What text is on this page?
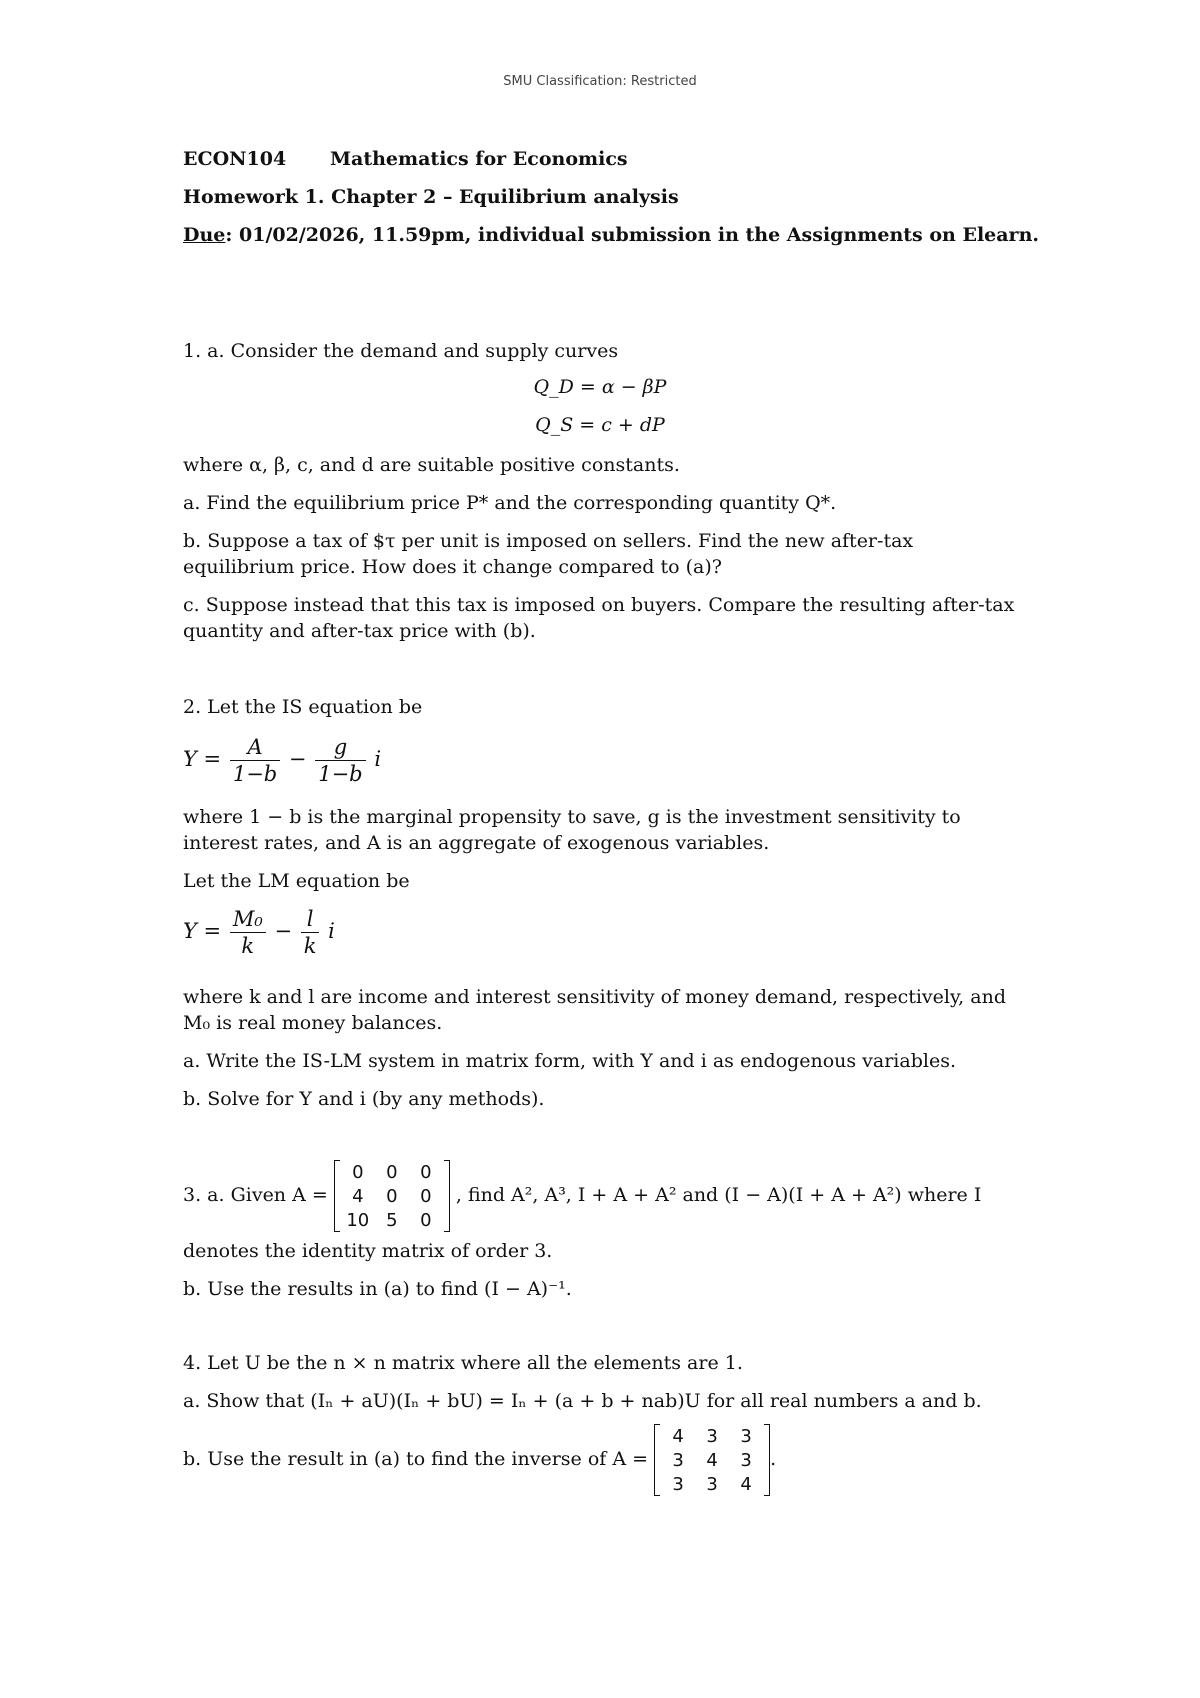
SMU Classification: Restricted
ECON104 Mathematics for Economics
Homework 1. Chapter 2 – Equilibrium analysis
Due: 01/02/2026, 11.59pm, individual submission in the Assignments on Elearn.
1. a. Consider the demand and supply curves
Q_D = α − βP
Q_S = c + dP
where α, β, c, and d are suitable positive constants.
a. Find the equilibrium price P* and the corresponding quantity Q*.
b. Suppose a tax of $τ per unit is imposed on sellers. Find the new after-tax equilibrium price. How does it change compared to (a)?
c. Suppose instead that this tax is imposed on buyers. Compare the resulting after-tax quantity and after-tax price with (b).
2. Let the IS equation be
$Y = \frac{A}{1-b} - \frac{g}{1-b}$ i
where 1 − b is the marginal propensity to save, g is the investment sensitivity to interest rates, and A is an aggregate of exogenous variables.
Let the LM equation be
$Y = \frac{\text{M₀}}{k} - \frac{l}{k}$ i
where k and l are income and interest sensitivity of money demand, respectively, and M₀ is real money balances.
a. Write the IS-LM system in matrix form, with Y and i as endogenous variables.
b. Solve for Y and i (by any methods).
3. a. Given A =
0	0	0
4	0	0
10	5	0
, find A², A³, I + A + A² and (I − A)(I + A + A²) where I
denotes the identity matrix of order 3.
b. Use the results in (a) to find (I − A)⁻¹.
4. Let U be the n × n matrix where all the elements are 1.
a. Show that (Iₙ + aU)(Iₙ + bU) = Iₙ + (a + b + nab)U for all real numbers a and b.
b. Use the result in (a) to find the inverse of A =
4	3	3
3	4	3
3	3	4
.
